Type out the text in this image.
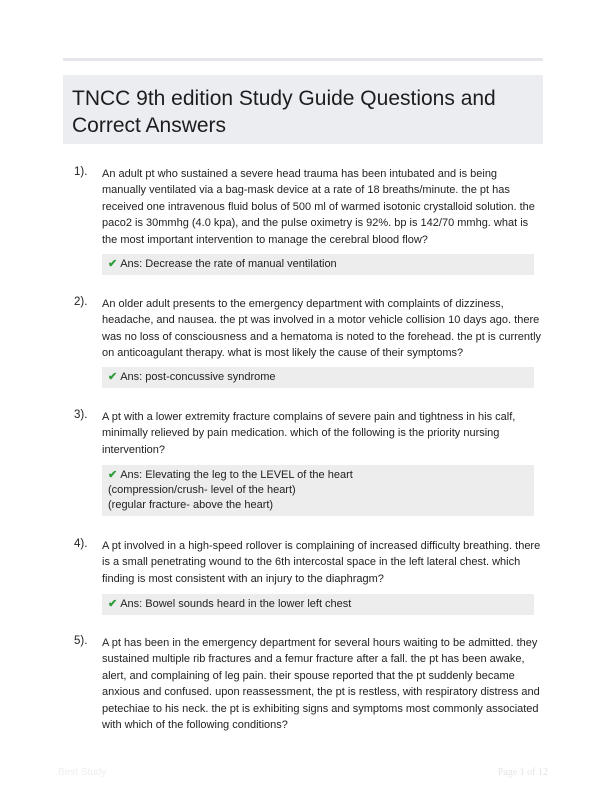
TNCC 9th edition Study Guide Questions and Correct Answers
1). An adult pt who sustained a severe head trauma has been intubated and is being manually ventilated via a bag-mask device at a rate of 18 breaths/minute. the pt has received one intravenous fluid bolus of 500 ml of warmed isotonic crystalloid solution. the paco2 is 30mmhg (4.0 kpa), and the pulse oximetry is 92%. bp is 142/70 mmhg. what is the most important intervention to manage the cerebral blood flow?

✔ Ans: Decrease the rate of manual ventilation
2). An older adult presents to the emergency department with complaints of dizziness, headache, and nausea. the pt was involved in a motor vehicle collision 10 days ago. there was no loss of consciousness and a hematoma is noted to the forehead. the pt is currently on anticoagulant therapy. what is most likely the cause of their symptoms?

✔ Ans: post-concussive syndrome
3). A pt with a lower extremity fracture complains of severe pain and tightness in his calf, minimally relieved by pain medication. which of the following is the priority nursing intervention?

✔ Ans: Elevating the leg to the LEVEL of the heart
(compression/crush- level of the heart)
(regular fracture- above the heart)
4). A pt involved in a high-speed rollover is complaining of increased difficulty breathing. there is a small penetrating wound to the 6th intercostal space in the left lateral chest. which finding is most consistent with an injury to the diaphragm?

✔ Ans: Bowel sounds heard in the lower left chest
5). A pt has been in the emergency department for several hours waiting to be admitted. they sustained multiple rib fractures and a femur fracture after a fall. the pt has been awake, alert, and complaining of leg pain. their spouse reported that the pt suddenly became anxious and confused. upon reassessment, the pt is restless, with respiratory distress and petechiae to his neck. the pt is exhibiting signs and symptoms most commonly associated with which of the following conditions?

Best Study	Page 1 of 12
